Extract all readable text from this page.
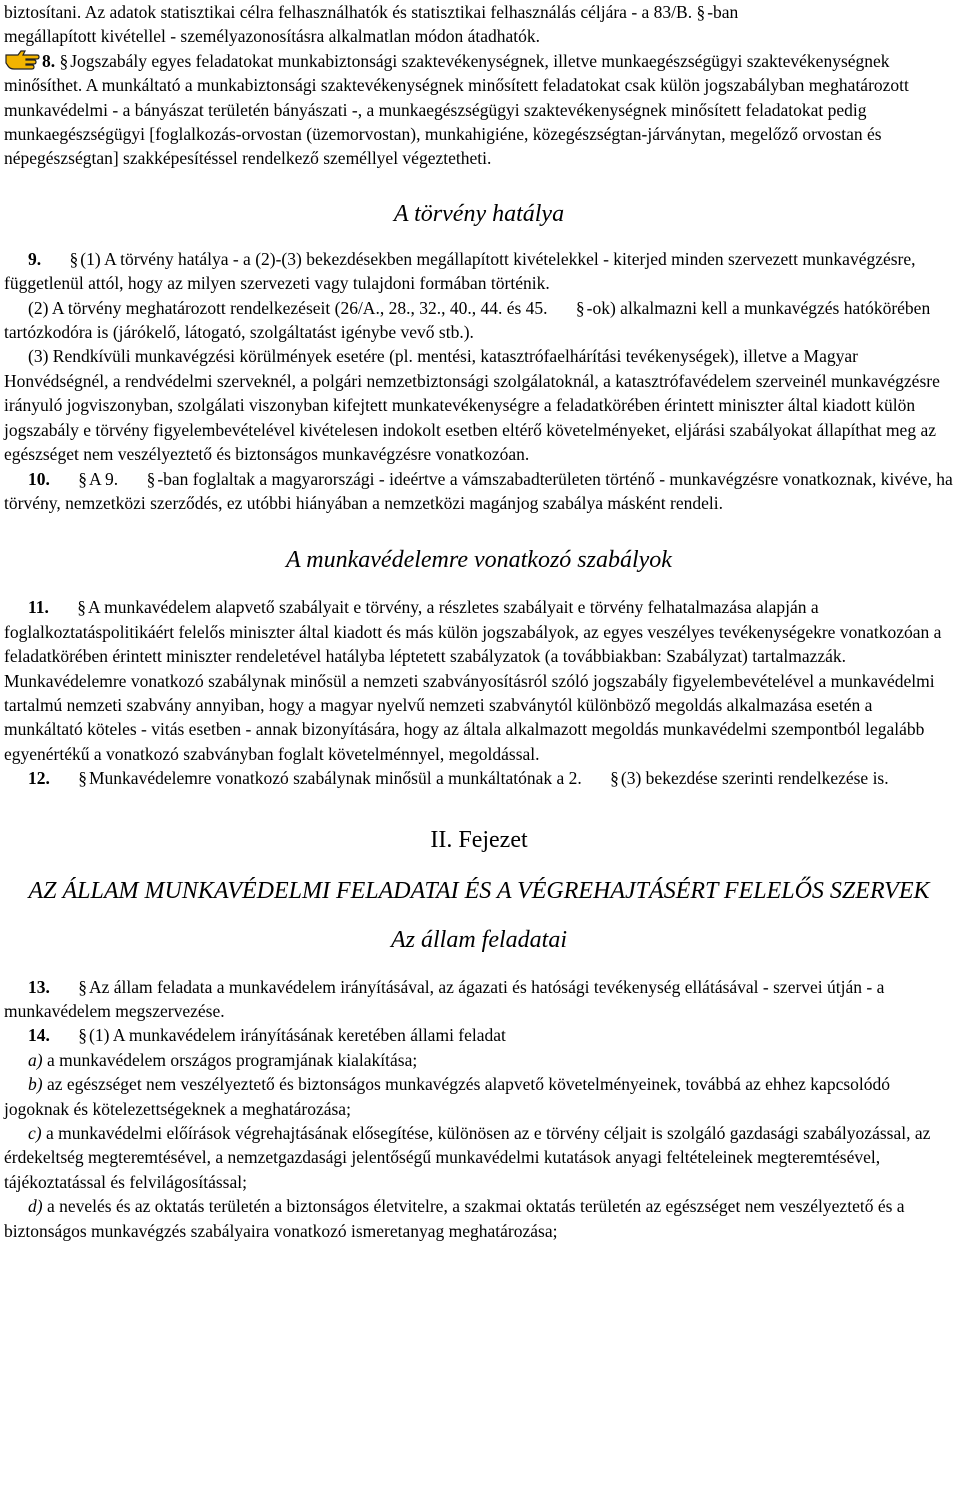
biztosítani. Az adatok statisztikai célra felhasználhatók és statisztikai felhasználás céljára - a 83/B. § -ban
megállapított kivétellel - személyazonosításra alkalmatlan módon átadhatók.

8. § Jogszabály egyes feladatokat munkabiztonsági szaktevékenységnek, illetve munkaegészségügyi szaktevékenységnek minősíthet. A munkáltató a munkabiztonsági szaktevékenységnek minősített feladatokat csak külön jogszabályban meghatározott munkavédelmi - a bányászat területén bányászati -, a munkaegészségügyi szaktevékenységnek minősített feladatokat pedig munkaegészségügyi [foglalkozás-orvostan (üzemorvostan), munkahigiéne, közegészségtan-járványtan, megelőző orvostan és népegészségtan] szakképesítéssel rendelkező személlyel végeztetheti.

A törvény hatálya

9. § (1) A törvény hatálya - a (2)-(3) bekezdésekben megállapított kivételekkel - kiterjed minden szervezett munkavégzésre, függetlenül attól, hogy az milyen szervezeti vagy tulajdoni formában történik.

(2) A törvény meghatározott rendelkezéseit (26/A., 28., 32., 40., 44. és 45. § -ok) alkalmazni kell a munkavégzés hatókörében tartózkodóra is (járókelő, látogató, szolgáltatást igénybe vevő stb.).

(3) Rendkívüli munkavégzési körülmények esetére (pl. mentési, katasztrófaelhárítási tevékenységek), illetve a Magyar Honvédségnél, a rendvédelmi szerveknél, a polgári nemzetbiztonsági szolgálatoknál, a katasztrófavédelem szerveinél munkavégzésre irányuló jogviszonyban, szolgálati viszonyban kifejtett munkatevékenységre a feladatkörében érintett miniszter által kiadott külön jogszabály e törvény figyelembevételével kivételesen indokolt esetben eltérő követelményeket, eljárási szabályokat állapíthat meg az egészséget nem veszélyeztető és biztonságos munkavégzésre vonatkozóan.

10. § A 9. § -ban foglaltak a magyarországi - ideértve a vámszabadterületen történő - munkavégzésre vonatkoznak, kivéve, ha törvény, nemzetközi szerződés, ez utóbbi hiányában a nemzetközi magánjog szabálya másként rendeli.

A munkavédelemre vonatkozó szabályok

11. § A munkavédelem alapvető szabályait e törvény, a részletes szabályait e törvény felhatalmazása alapján a foglalkoztatáspolitikáért felelős miniszter által kiadott és más külön jogszabályok, az egyes veszélyes tevékenységekre vonatkozóan a feladatkörében érintett miniszter rendeletével hatályba léptetett szabályzatok (a továbbiakban: Szabályzat) tartalmazzák. Munkavédelemre vonatkozó szabálynak minősül a nemzeti szabványosításról szóló jogszabály figyelembevételével a munkavédelmi tartalmú nemzeti szabvány annyiban, hogy a magyar nyelvű nemzeti szabványtól különböző megoldás alkalmazása esetén a munkáltató köteles - vitás esetben - annak bizonyítására, hogy az általa alkalmazott megoldás munkavédelmi szempontból legalább egyenértékű a vonatkozó szabványban foglalt követelménnyel, megoldással.

12. § Munkavédelemre vonatkozó szabálynak minősül a munkáltatónak a 2. § (3) bekezdése szerinti rendelkezése is.

II. Fejezet

AZ ÁLLAM MUNKAVÉDELMI FELADATAI ÉS A VÉGREHAJTÁSÉRT FELELŐS SZERVEK

Az állam feladatai

13. § Az állam feladata a munkavédelem irányításával, az ágazati és hatósági tevékenység ellátásával - szervei útján - a munkavédelem megszervezése.

14. § (1) A munkavédelem irányításának keretében állami feladat

a) a munkavédelem országos programjának kialakítása;

b) az egészséget nem veszélyeztető és biztonságos munkavégzés alapvető követelményeinek, továbbá az ehhez kapcsolódó jogoknak és kötelezettségeknek a meghatározása;

c) a munkavédelmi előírások végrehajtásának elősegítése, különösen az e törvény céljait is szolgáló gazdasági szabályozással, az érdekeltség megteremtésével, a nemzetgazdasági jelentőségű munkavédelmi kutatások anyagi feltételeinek megteremtésével, tájékoztatással és felvilágosítással;

d) a nevelés és az oktatás területén a biztonságos életvitelre, a szakmai oktatás területén az egészséget nem veszélyeztető és a biztonságos munkavégzés szabályaira vonatkozó ismeretanyag meghatározása;
